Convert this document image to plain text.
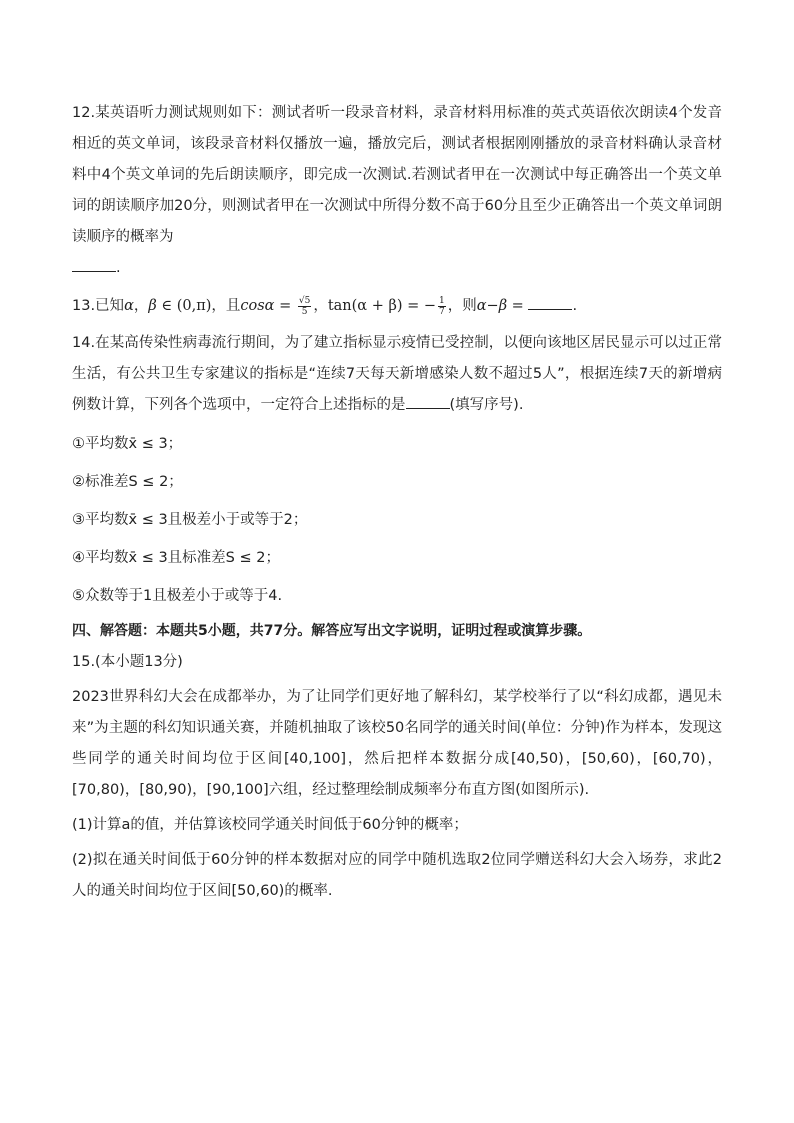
12.某英语听力测试规则如下：测试者听一段录音材料，录音材料用标准的英式英语依次朗读4个发音相近的英文单词，该段录音材料仅播放一遍，播放完后，测试者根据刚刚播放的录音材料确认录音材料中4个英文单词的先后朗读顺序，即完成一次测试.若测试者甲在一次测试中每正确答出一个英文单词的朗读顺序加20分，则测试者甲在一次测试中所得分数不高于60分且至少正确答出一个英文单词朗读顺序的概率为
.

13.已知α，β ∈ (0,π)，且$\cos\alpha = \frac{√5}{5}$ ，tan(α + β) = − $\frac{1}{7}$ ，则α−β =	.

14.在某高传染性病毒流行期间，为了建立指标显示疫情已受控制，以便向该地区居民显示可以过正常生活，有公共卫生专家建议的指标是“连续7天每天新增感染人数不超过5人”，根据连续7天的新增病例数计算，下列各个选项中，一定符合上述指标的是	(填写序号).

①平均数x̄ ≤ 3；
②标准差S ≤ 2；
③平均数x̄ ≤ 3且极差小于或等于2；
④平均数x̄ ≤ 3且标准差S ≤ 2；
⑤众数等于1且极差小于或等于4.
四、解答题：本题共5小题，共77分。解答应写出文字说明，证明过程或演算步骤。
15.(本小题13分)

2023世界科幻大会在成都举办，为了让同学们更好地了解科幻，某学校举行了以“科幻成都，遇见未来”为主题的科幻知识通关赛，并随机抽取了该校50名同学的通关时间(单位：分钟)作为样本，发现这些同学的通关时间均位于区间[40,100]，然后把样本数据分成[40,50)，[50,60)，[60,70)，[70,80)，[80,90)，[90,100]六组，经过整理绘制成频率分布直方图(如图所示).

(1)计算a的值，并估算该校同学通关时间低于60分钟的概率；

(2)拟在通关时间低于60分钟的样本数据对应的同学中随机选取2位同学赠送科幻大会入场券，求此2人的通关时间均位于区间[50,60)的概率.
